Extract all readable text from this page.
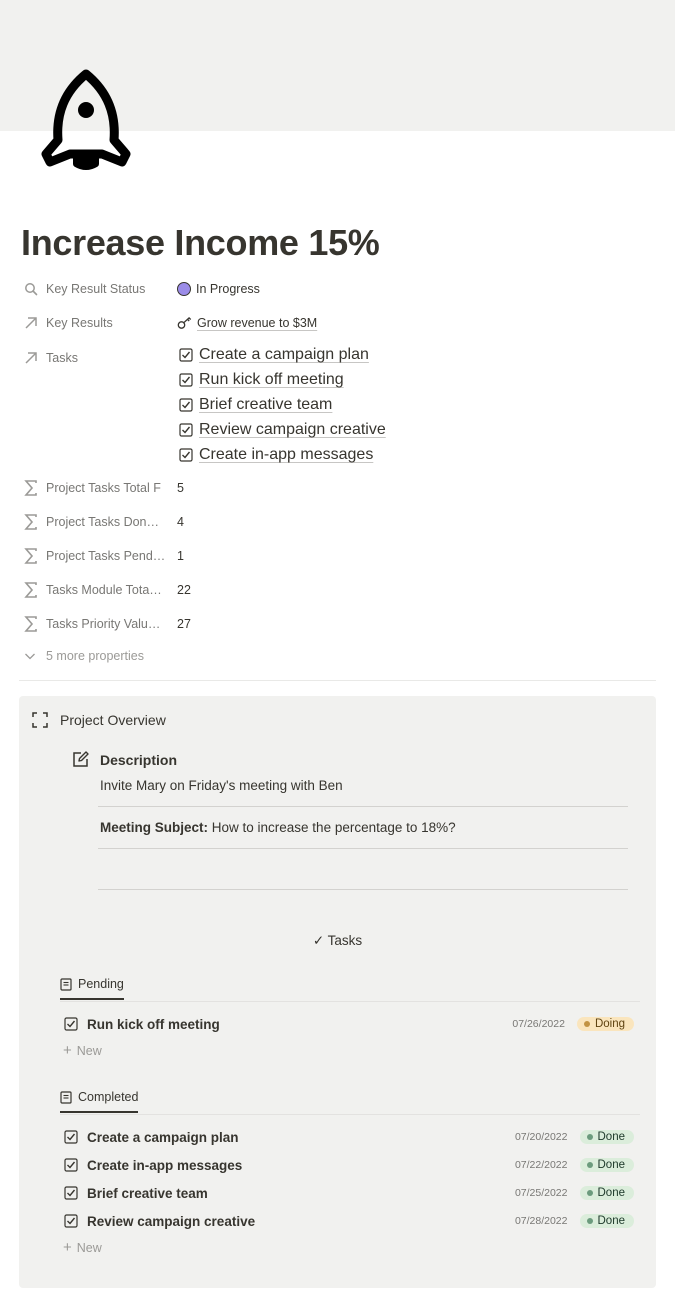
Increase Income 15%
Key Result Status	In Progress
Key Results	Grow revenue to $3M
Tasks	Create a campaign plan
Run kick off meeting
Brief creative team
Review campaign creative
Create in-app messages
Project Tasks Total F 5
Project Tasks Don… 4
Project Tasks Pend… 1
Tasks Module Tota… 22
Tasks Priority Valu… 27
5 more properties
Project Overview
Description
Invite Mary on Friday's meeting with Ben
Meeting Subject: How to increase the percentage to 18%?
✓ Tasks
Pending
Run kick off meeting	07/26/2022	Doing
+ New
Completed
Create a campaign plan	07/20/2022	Done
Create in-app messages	07/22/2022	Done
Brief creative team	07/25/2022	Done
Review campaign creative	07/28/2022	Done
+ New
